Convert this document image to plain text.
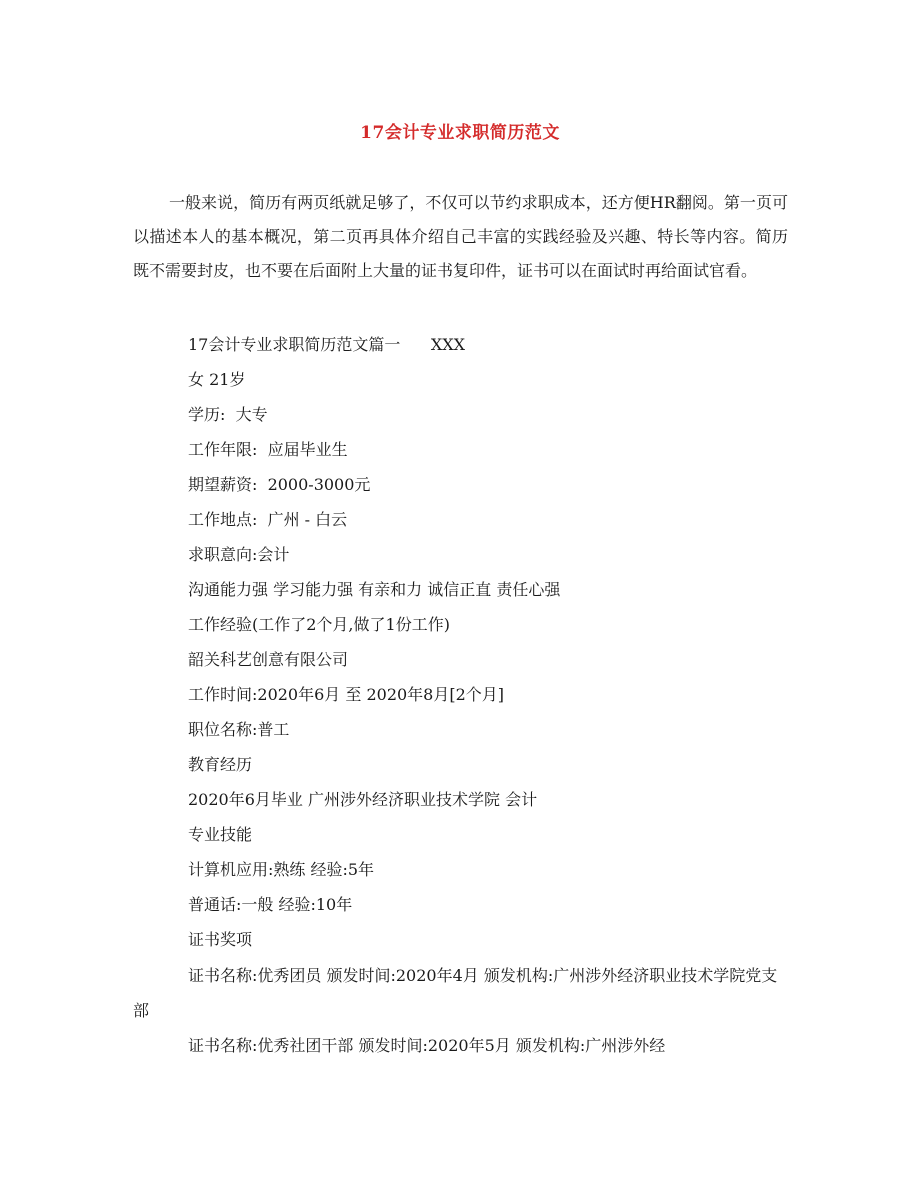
17会计专业求职简历范文
一般来说，简历有两页纸就足够了，不仅可以节约求职成本，还方便HR翻阅。第一页可以描述本人的基本概况，第二页再具体介绍自己丰富的实践经验及兴趣、特长等内容。简历既不需要封皮，也不要在后面附上大量的证书复印件，证书可以在面试时再给面试官看。
17会计专业求职简历范文篇一      XXX
女 21岁
学历:  大专
工作年限:  应届毕业生
期望薪资:  2000-3000元
工作地点:  广州 - 白云
求职意向:会计
沟通能力强 学习能力强 有亲和力 诚信正直 责任心强
工作经验(工作了2个月,做了1份工作)
韶关科艺创意有限公司
工作时间:2020年6月 至 2020年8月[2个月]
职位名称:普工
教育经历
2020年6月毕业 广州涉外经济职业技术学院 会计
专业技能
计算机应用:熟练 经验:5年
普通话:一般 经验:10年
证书奖项
证书名称:优秀团员 颁发时间:2020年4月 颁发机构:广州涉外经济职业技术学院党支部
证书名称:优秀社团干部 颁发时间:2020年5月 颁发机构:广州涉外经
